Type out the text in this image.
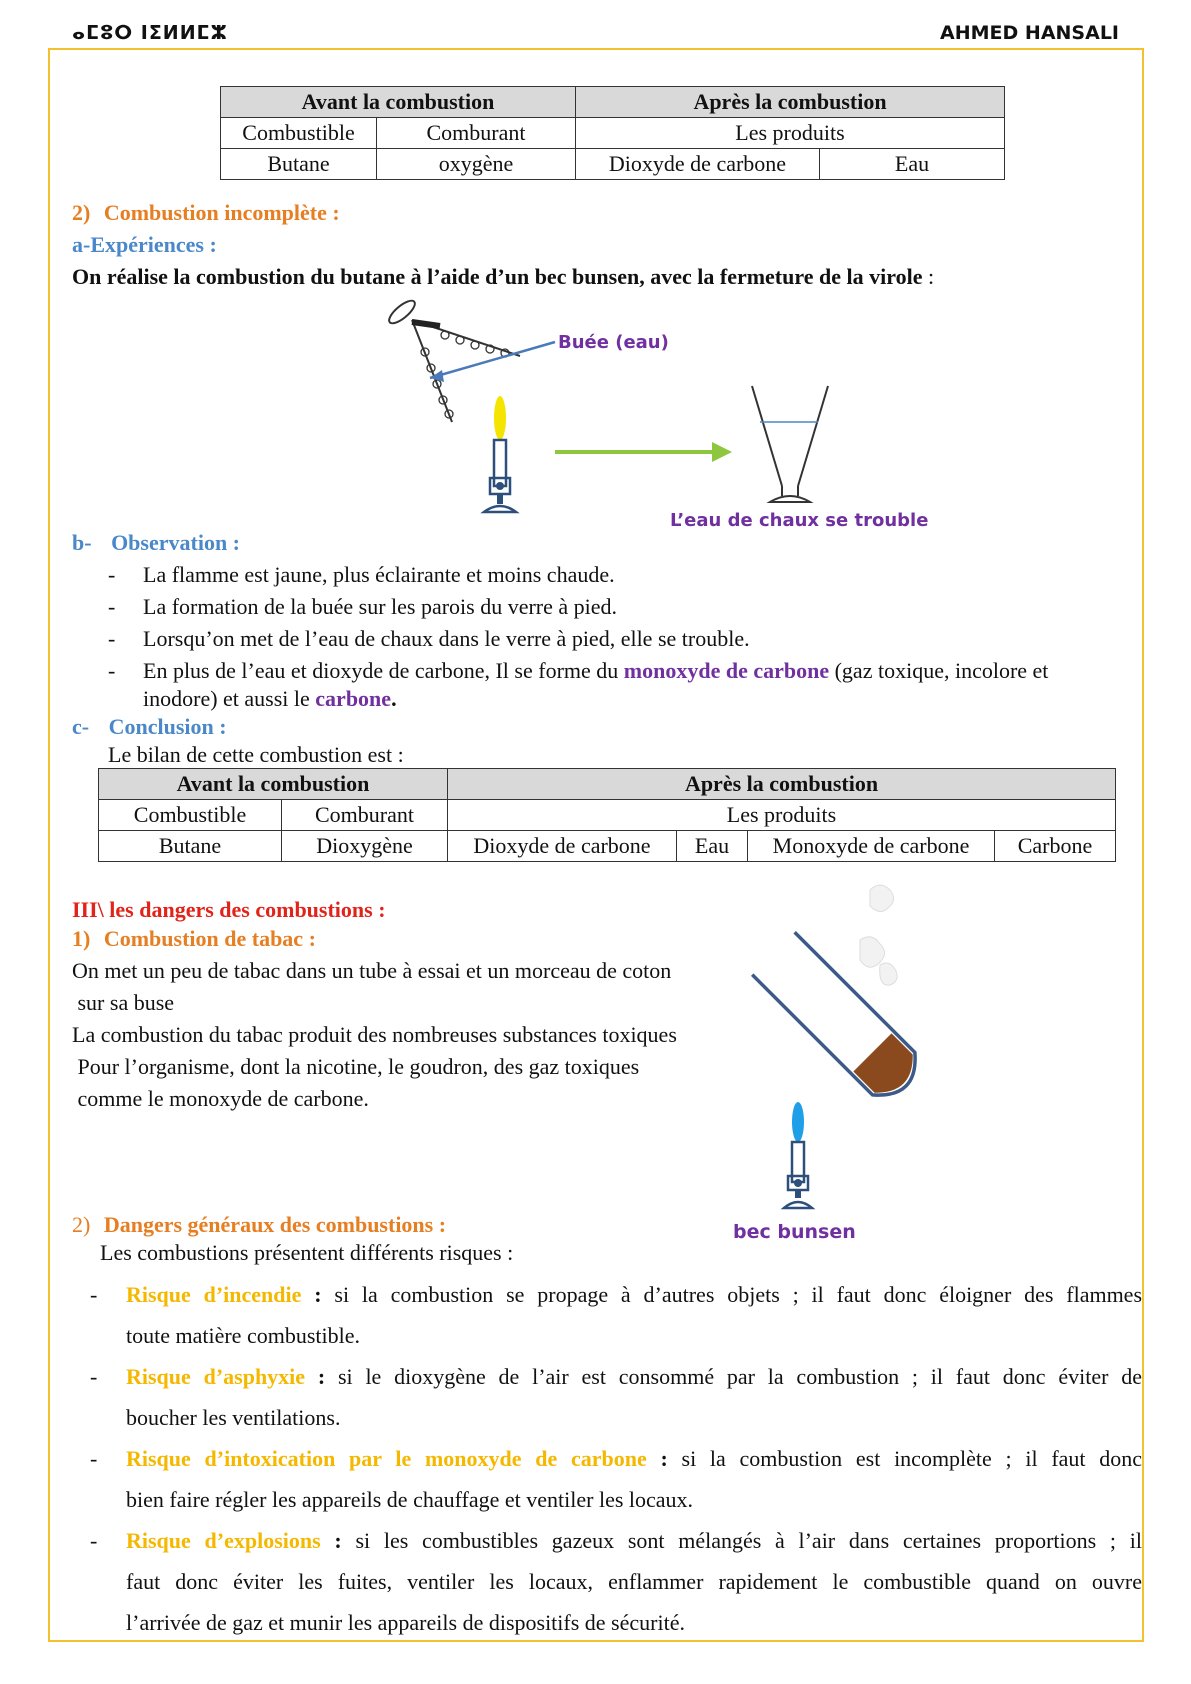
ⴰⵎⵓⵔ ⵏⵉⵍⵍⵎⵣ	AHMED HANSALI
Avant la combustion		Après la combustion	
Combustible	Comburant	Les produits	
Butane	oxygène	Dioxyde de carbone	Eau
2) Combustion incomplète :
a-Expériences :
On réalise la combustion du butane à l’aide d’un bec bunsen, avec la fermeture de la virole :
Buée (eau)
L’eau de chaux se trouble
b- Observation :
- La flamme est jaune, plus éclairante et moins chaude.
- La formation de la buée sur les parois du verre à pied.
- Lorsqu’on met de l’eau de chaux dans le verre à pied, elle se trouble.
- En plus de l’eau et dioxyde de carbone, Il se forme du monoxyde de carbone (gaz toxique, incolore et
inodore) et aussi le carbone.
c- Conclusion :
Le bilan de cette combustion est :
Avant la combustion		Après la combustion			
Combustible	Comburant	Les produits			
Butane	Dioxygène	Dioxyde de carbone	Eau	Monoxyde de carbone	Carbone
III\ les dangers des combustions :
1) Combustion de tabac :
On met un peu de tabac dans un tube à essai et un morceau de coton
sur sa buse
La combustion du tabac produit des nombreuses substances toxiques
Pour l’organisme, dont la nicotine, le goudron, des gaz toxiques
comme le monoxyde de carbone.
bec bunsen
2) Dangers généraux des combustions :
Les combustions présentent différents risques :
- Risque d’incendie : si la combustion se propage à d’autres objets ; il faut donc éloigner des flammes
toute matière combustible.
- Risque d’asphyxie : si le dioxygène de l’air est consommé par la combustion ; il faut donc éviter de
boucher les ventilations.
- Risque d’intoxication par le monoxyde de carbone : si la combustion est incomplète ; il faut donc
bien faire régler les appareils de chauffage et ventiler les locaux.
- Risque d’explosions : si les combustibles gazeux sont mélangés à l’air dans certaines proportions ; il
faut donc éviter les fuites, ventiler les locaux, enflammer rapidement le combustible quand on ouvre
l’arrivée de gaz et munir les appareils de dispositifs de sécurité.
